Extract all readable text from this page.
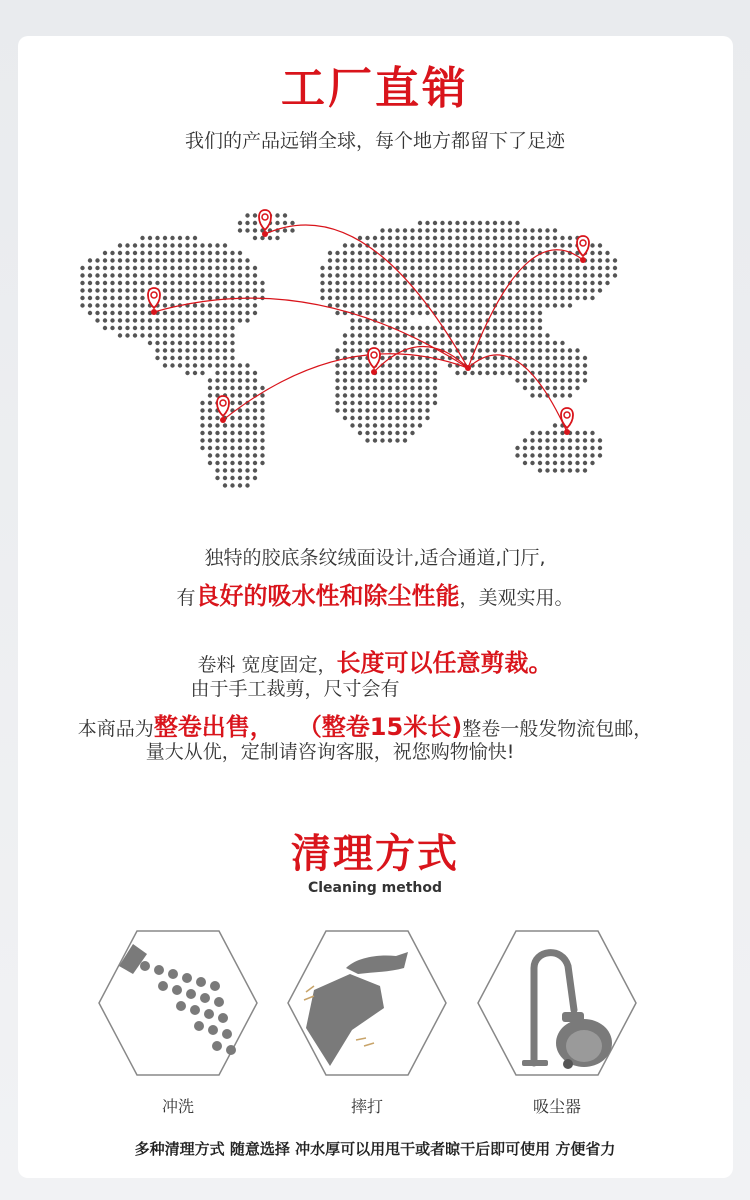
工厂直销
我们的产品远销全球，每个地方都留下了足迹
独特的胶底条纹绒面设计,适合通道,门厅,
有良好的吸水性和除尘性能，美观实用。
卷料 宽度固定，长度可以任意剪裁。
由于手工裁剪，尺寸会有
本商品为整卷出售， （整卷15米长)整卷一般发物流包邮，
量大从优，定制请咨询客服，祝您购物愉快!
清理方式
Cleaning method
冲洗	摔打	吸尘器
多种清理方式 随意选择 冲水厚可以用甩干或者晾干后即可使用 方便省力
